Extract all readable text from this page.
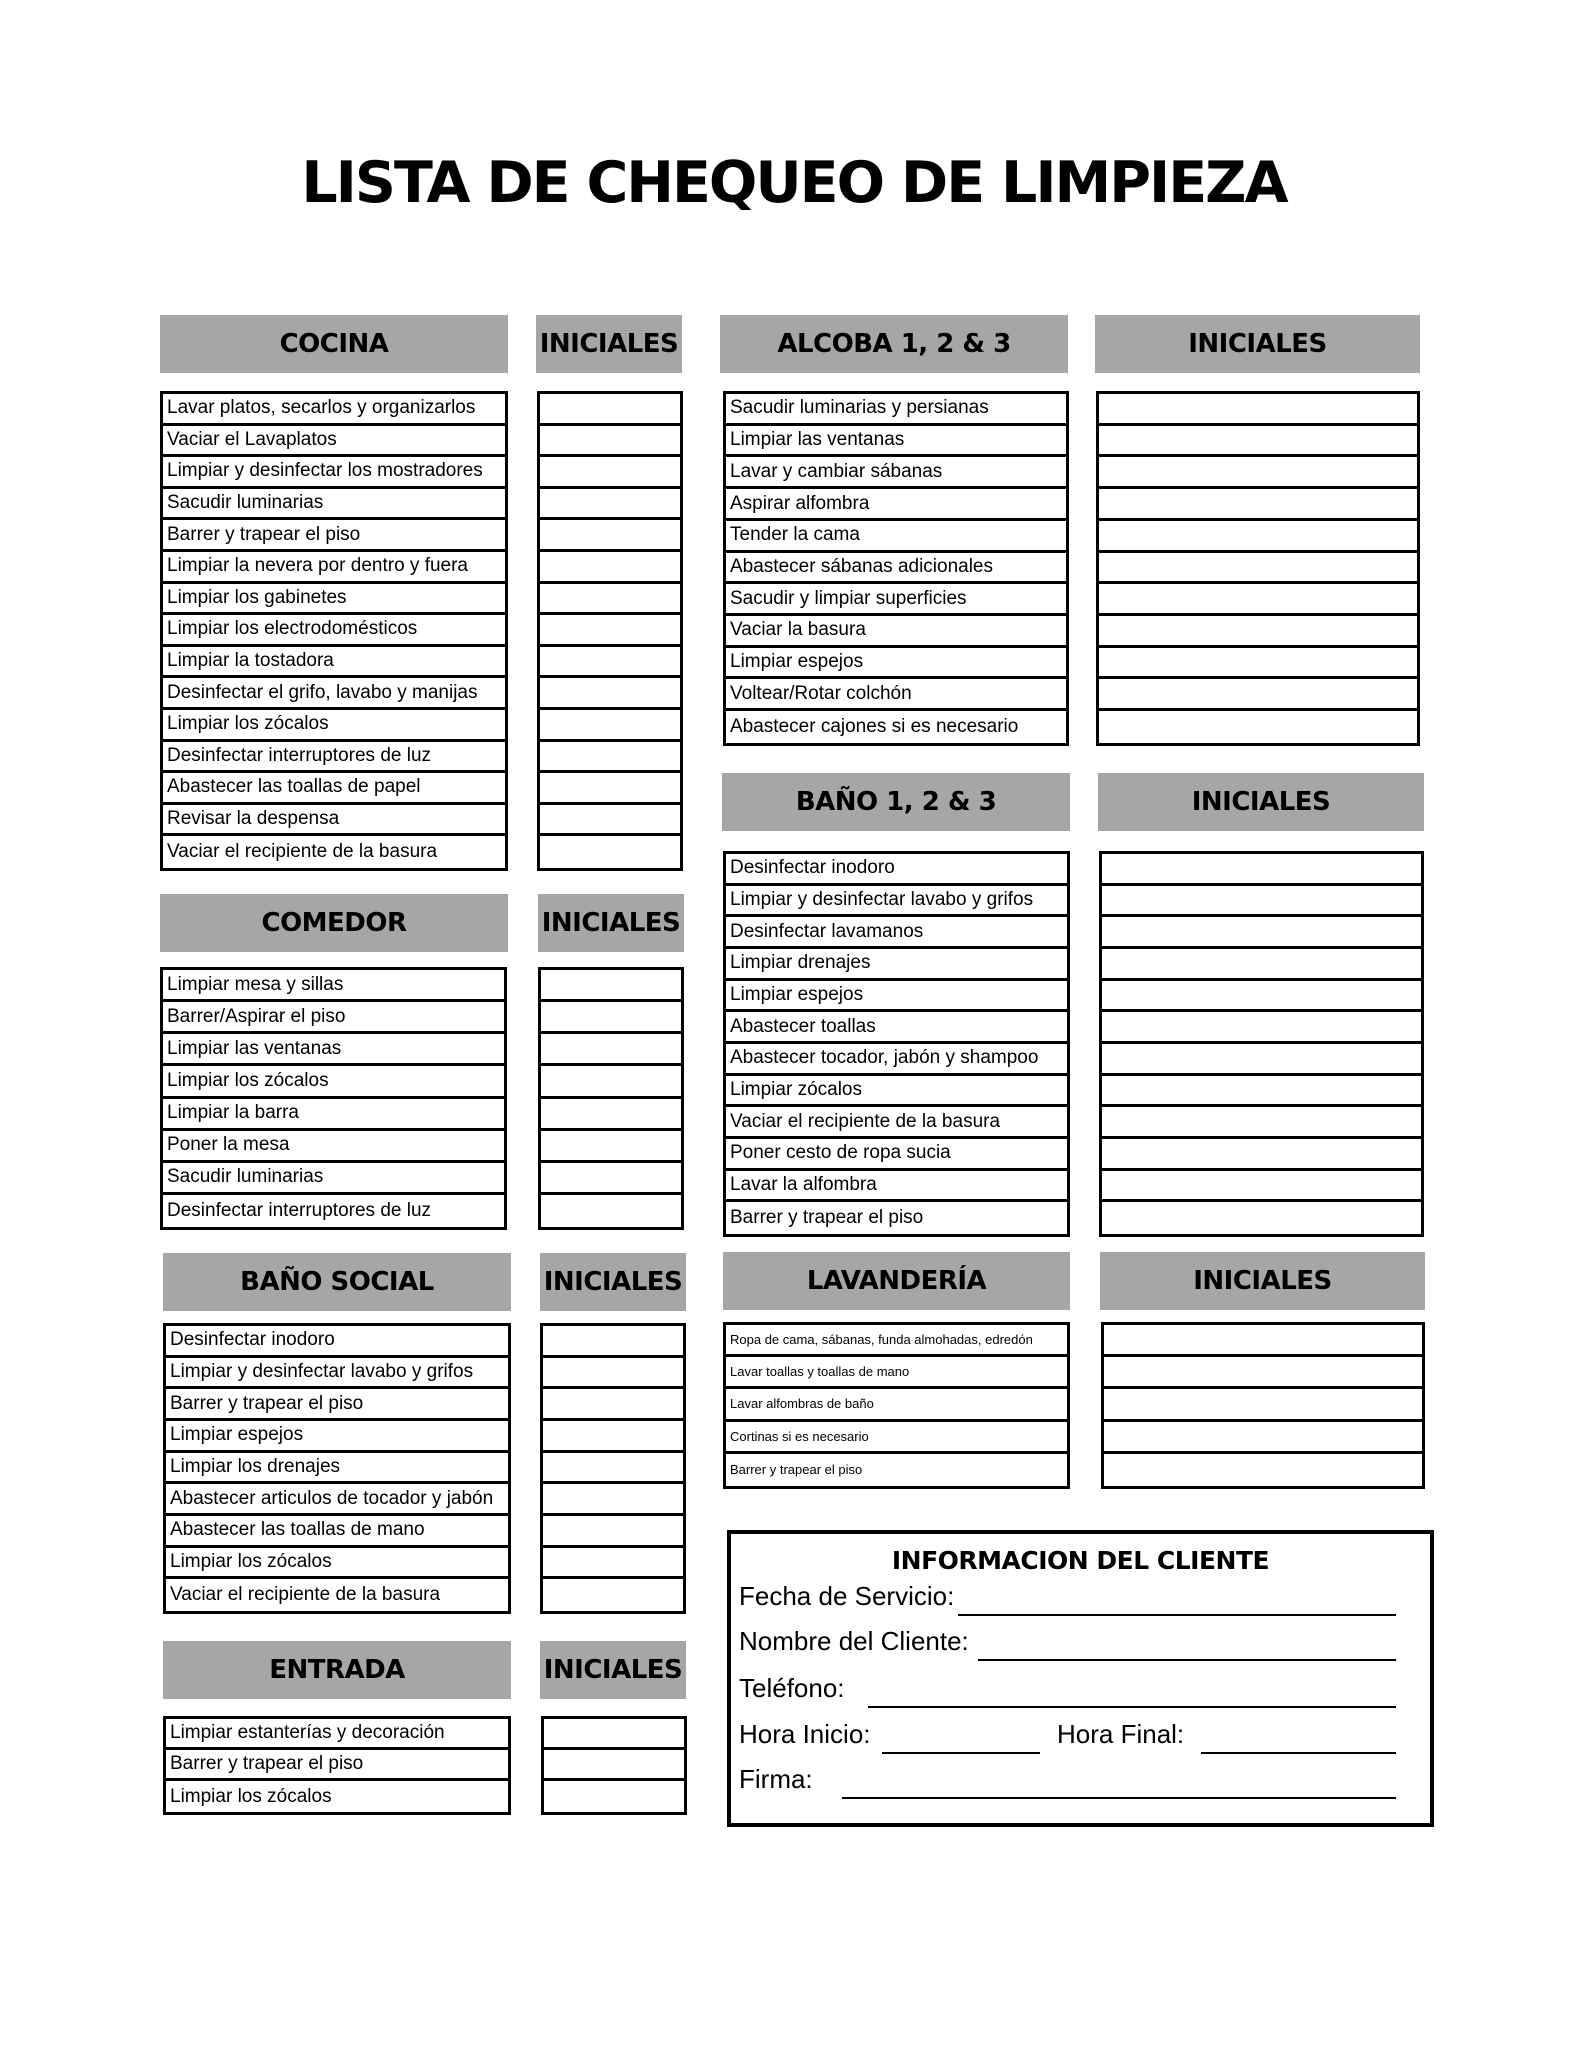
LISTA DE CHEQUEO DE LIMPIEZA
COCINA	INICIALES
Lavar platos, secarlos y organizarlos
Vaciar el Lavaplatos
Limpiar y desinfectar los mostradores
Sacudir luminarias
Barrer y trapear el piso
Limpiar la nevera por dentro y fuera
Limpiar los gabinetes
Limpiar los electrodomésticos
Limpiar la tostadora
Desinfectar el grifo, lavabo y manijas
Limpiar los zócalos
Desinfectar interruptores de luz
Abastecer las toallas de papel
Revisar la despensa
Vaciar el recipiente de la basura
COMEDOR	INICIALES
Limpiar mesa y sillas
Barrer/Aspirar el piso
Limpiar las ventanas
Limpiar los zócalos
Limpiar la barra
Poner la mesa
Sacudir luminarias
Desinfectar interruptores de luz
BAÑO SOCIAL	INICIALES
Desinfectar inodoro
Limpiar y desinfectar lavabo y grifos
Barrer y trapear el piso
Limpiar espejos
Limpiar los drenajes
Abastecer articulos de tocador y jabón
Abastecer las toallas de mano
Limpiar los zócalos
Vaciar el recipiente de la basura
ENTRADA	INICIALES
Limpiar estanterías y decoración
Barrer y trapear el piso
Limpiar los zócalos
ALCOBA 1, 2 & 3	INICIALES
Sacudir luminarias y persianas
Limpiar las ventanas
Lavar y cambiar sábanas
Aspirar alfombra
Tender la cama
Abastecer sábanas adicionales
Sacudir y limpiar superficies
Vaciar la basura
Limpiar espejos
Voltear/Rotar colchón
Abastecer cajones si es necesario
BAÑO 1, 2 & 3	INICIALES
Desinfectar inodoro
Limpiar y desinfectar lavabo y grifos
Desinfectar lavamanos
Limpiar drenajes
Limpiar espejos
Abastecer toallas
Abastecer tocador, jabón y shampoo
Limpiar zócalos
Vaciar el recipiente de la basura
Poner cesto de ropa sucia
Lavar la alfombra
Barrer y trapear el piso
LAVANDERÍA	INICIALES
Ropa de cama, sábanas, funda almohadas, edredón
Lavar toallas y toallas de mano
Lavar alfombras de baño
Cortinas si es necesario
Barrer y trapear el piso
INFORMACION DEL CLIENTE
Fecha de Servicio:
Nombre del Cliente:
Teléfono:
Hora Inicio:	Hora Final:
Firma:
